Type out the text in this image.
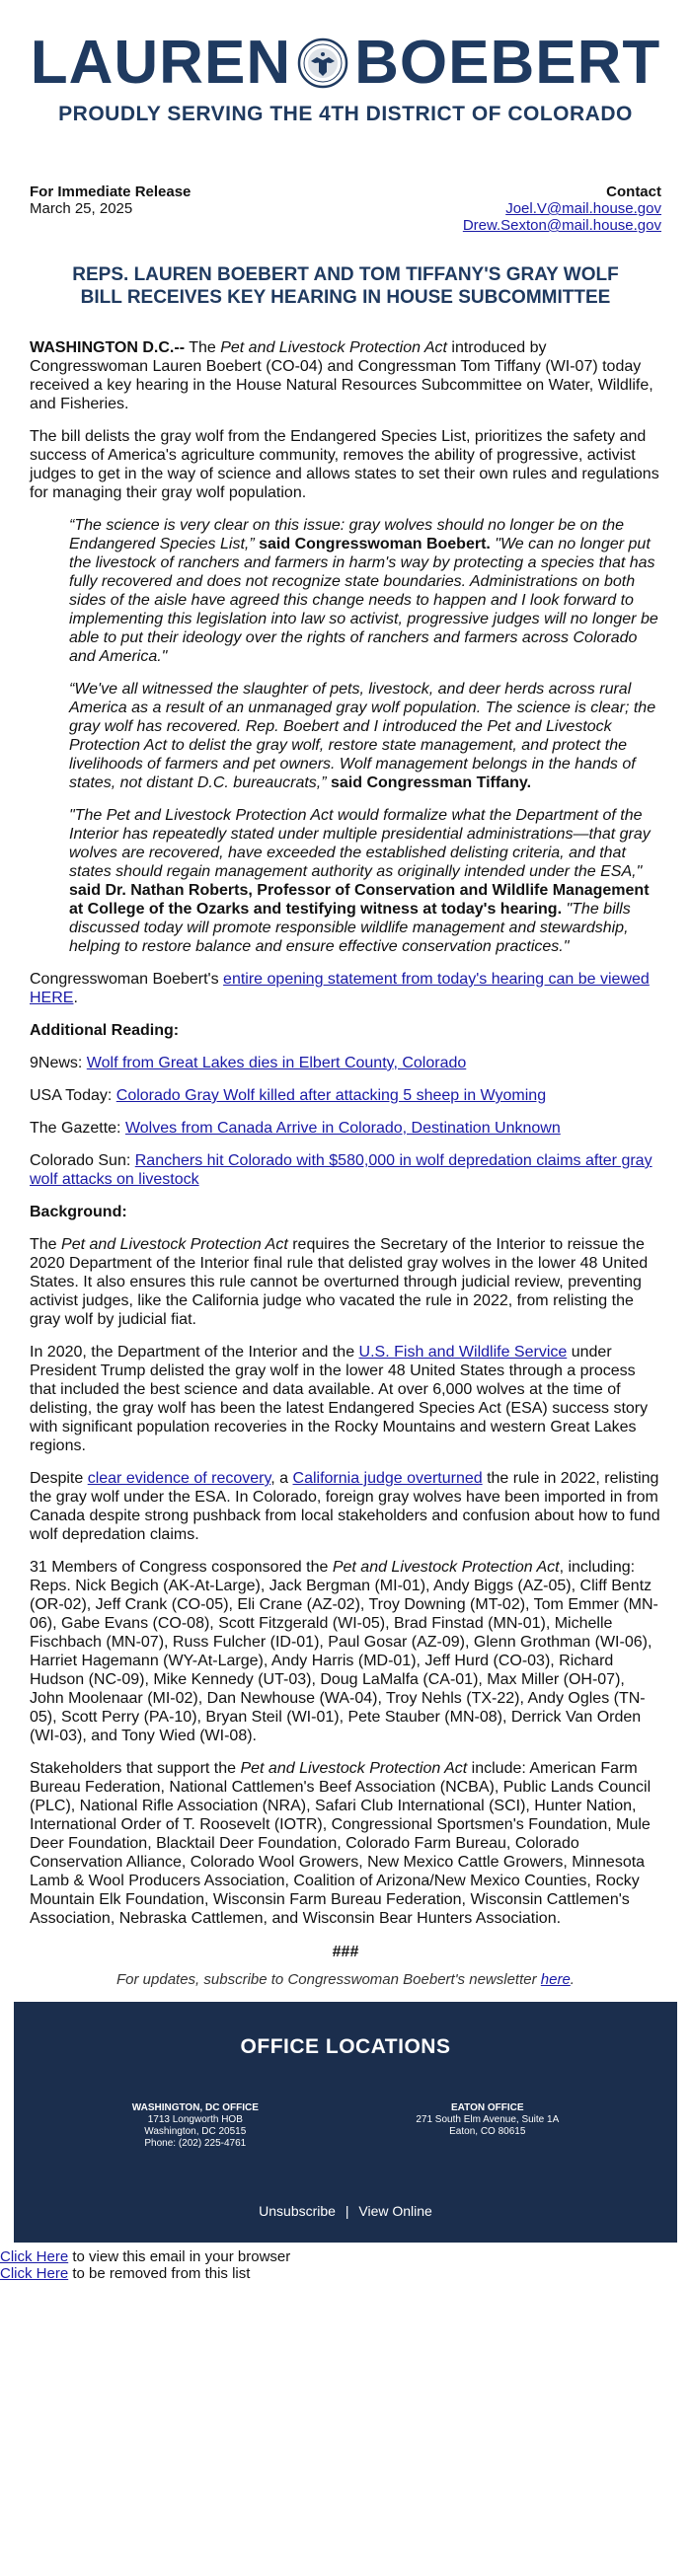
LAUREN BOEBERT
PROUDLY SERVING THE 4TH DISTRICT OF COLORADO
For Immediate Release
March 25, 2025
Contact
Joel.V@mail.house.gov
Drew.Sexton@mail.house.gov
REPS. LAUREN BOEBERT AND TOM TIFFANY'S GRAY WOLF BILL RECEIVES KEY HEARING IN HOUSE SUBCOMMITTEE

WASHINGTON D.C.-- The Pet and Livestock Protection Act introduced by Congresswoman Lauren Boebert (CO-04) and Congressman Tom Tiffany (WI-07) today received a key hearing in the House Natural Resources Subcommittee on Water, Wildlife, and Fisheries.

The bill delists the gray wolf from the Endangered Species List, prioritizes the safety and success of America's agriculture community, removes the ability of progressive, activist judges to get in the way of science and allows states to set their own rules and regulations for managing their gray wolf population.

“The science is very clear on this issue: gray wolves should no longer be on the Endangered Species List,” said Congresswoman Boebert. "We can no longer put the livestock of ranchers and farmers in harm's way by protecting a species that has fully recovered and does not recognize state boundaries. Administrations on both sides of the aisle have agreed this change needs to happen and I look forward to implementing this legislation into law so activist, progressive judges will no longer be able to put their ideology over the rights of ranchers and farmers across Colorado and America."

“We've all witnessed the slaughter of pets, livestock, and deer herds across rural America as a result of an unmanaged gray wolf population. The science is clear; the gray wolf has recovered. Rep. Boebert and I introduced the Pet and Livestock Protection Act to delist the gray wolf, restore state management, and protect the livelihoods of farmers and pet owners. Wolf management belongs in the hands of states, not distant D.C. bureaucrats,” said Congressman Tiffany.

"The Pet and Livestock Protection Act would formalize what the Department of the Interior has repeatedly stated under multiple presidential administrations—that gray wolves are recovered, have exceeded the established delisting criteria, and that states should regain management authority as originally intended under the ESA," said Dr. Nathan Roberts, Professor of Conservation and Wildlife Management at College of the Ozarks and testifying witness at today's hearing. "The bills discussed today will promote responsible wildlife management and stewardship, helping to restore balance and ensure effective conservation practices."

Congresswoman Boebert's entire opening statement from today's hearing can be viewed HERE.

Additional Reading:

9News: Wolf from Great Lakes dies in Elbert County, Colorado

USA Today: Colorado Gray Wolf killed after attacking 5 sheep in Wyoming

The Gazette: Wolves from Canada Arrive in Colorado, Destination Unknown

Colorado Sun: Ranchers hit Colorado with $580,000 in wolf depredation claims after gray wolf attacks on livestock

Background:

The Pet and Livestock Protection Act requires the Secretary of the Interior to reissue the 2020 Department of the Interior final rule that delisted gray wolves in the lower 48 United States. It also ensures this rule cannot be overturned through judicial review, preventing activist judges, like the California judge who vacated the rule in 2022, from relisting the gray wolf by judicial fiat.

In 2020, the Department of the Interior and the U.S. Fish and Wildlife Service under President Trump delisted the gray wolf in the lower 48 United States through a process that included the best science and data available. At over 6,000 wolves at the time of delisting, the gray wolf has been the latest Endangered Species Act (ESA) success story with significant population recoveries in the Rocky Mountains and western Great Lakes regions.

Despite clear evidence of recovery, a California judge overturned the rule in 2022, relisting the gray wolf under the ESA. In Colorado, foreign gray wolves have been imported in from Canada despite strong pushback from local stakeholders and confusion about how to fund wolf depredation claims.

31 Members of Congress cosponsored the Pet and Livestock Protection Act, including: Reps. Nick Begich (AK-At-Large), Jack Bergman (MI-01), Andy Biggs (AZ-05), Cliff Bentz (OR-02), Jeff Crank (CO-05), Eli Crane (AZ-02), Troy Downing (MT-02), Tom Emmer (MN-06), Gabe Evans (CO-08), Scott Fitzgerald (WI-05), Brad Finstad (MN-01), Michelle Fischbach (MN-07), Russ Fulcher (ID-01), Paul Gosar (AZ-09), Glenn Grothman (WI-06), Harriet Hagemann (WY-At-Large), Andy Harris (MD-01), Jeff Hurd (CO-03), Richard Hudson (NC-09), Mike Kennedy (UT-03), Doug LaMalfa (CA-01), Max Miller (OH-07), John Moolenaar (MI-02), Dan Newhouse (WA-04), Troy Nehls (TX-22), Andy Ogles (TN-05), Scott Perry (PA-10), Bryan Steil (WI-01), Pete Stauber (MN-08), Derrick Van Orden (WI-03), and Tony Wied (WI-08).

Stakeholders that support the Pet and Livestock Protection Act include: American Farm Bureau Federation, National Cattlemen's Beef Association (NCBA), Public Lands Council (PLC), National Rifle Association (NRA), Safari Club International (SCI), Hunter Nation, International Order of T. Roosevelt (IOTR), Congressional Sportsmen's Foundation, Mule Deer Foundation, Blacktail Deer Foundation, Colorado Farm Bureau, Colorado Conservation Alliance, Colorado Wool Growers, New Mexico Cattle Growers, Minnesota Lamb & Wool Producers Association, Coalition of Arizona/New Mexico Counties, Rocky Mountain Elk Foundation, Wisconsin Farm Bureau Federation, Wisconsin Cattlemen's Association, Nebraska Cattlemen, and Wisconsin Bear Hunters Association.

###
For updates, subscribe to Congresswoman Boebert's newsletter here.
OFFICE LOCATIONS
WASHINGTON, DC OFFICE
1713 Longworth HOB
Washington, DC 20515
Phone: (202) 225-4761
EATON OFFICE
271 South Elm Avenue, Suite 1A
Eaton, CO 80615
Unsubscribe | View Online
Click Here to view this email in your browser
Click Here to be removed from this list
